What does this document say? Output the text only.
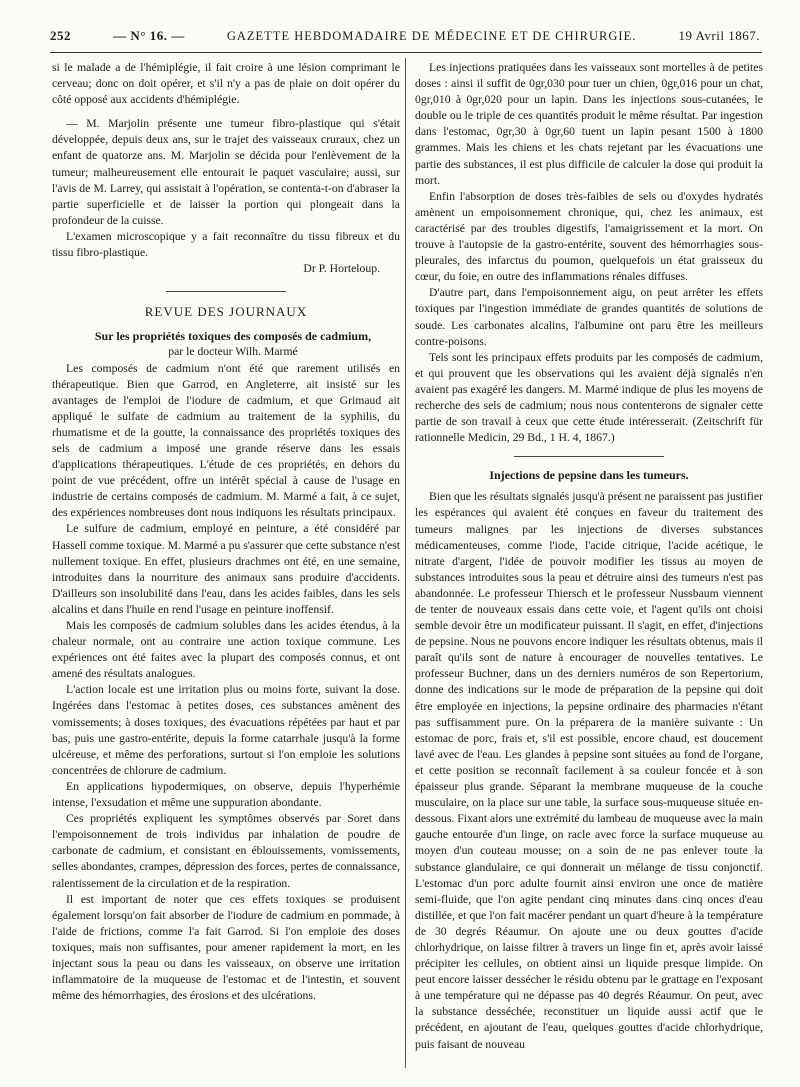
252	— N° 16. —	GAZETTE HEBDOMADAIRE DE MÉDECINE ET DE CHIRURGIE.	19 Avril 1867.

si le malade a de l'hémiplégie, il fait croire à une lésion comprimant le cerveau; donc on doit opérer, et s'il n'y a pas de plaie on doit opérer du côté opposé aux accidents d'hémiplégie.

— M. Marjolin présente une tumeur fibro-plastique qui s'était développée, depuis deux ans, sur le trajet des vaisseaux cruraux, chez un enfant de quatorze ans. M. Marjolin se décida pour l'enlèvement de la tumeur; malheureusement elle entourait le paquet vasculaire; aussi, sur l'avis de M. Larrey, qui assistait à l'opération, se contenta-t-on d'abraser la partie superficielle et de laisser la portion qui plongeait dans la profondeur de la cuisse.

L'examen microscopique y a fait reconnaître du tissu fibreux et du tissu fibro-plastique.

Dr P. Horteloup.

REVUE DES JOURNAUX

Sur les propriétés toxiques des composés de cadmium,

par le docteur Wilh. Marmé

Les composés de cadmium n'ont été que rarement utilisés en thérapeutique. Bien que Garrod, en Angleterre, ait insisté sur les avantages de l'emploi de l'iodure de cadmium, et que Grimaud ait appliqué le sulfate de cadmium au traitement de la syphilis, du rhumatisme et de la goutte, la connaissance des propriétés toxiques des sels de cadmium a imposé une grande réserve dans les essais d'applications thérapeutiques. L'étude de ces propriétés, en dehors du point de vue précédent, offre un intérêt spécial à cause de l'usage en industrie de certains composés de cadmium. M. Marmé a fait, à ce sujet, des expériences nombreuses dont nous indiquons les résultats principaux.

Le sulfure de cadmium, employé en peinture, a été considéré par Hassell comme toxique. M. Marmé a pu s'assurer que cette substance n'est nullement toxique. En effet, plusieurs drachmes ont été, en une semaine, introduites dans la nourriture des animaux sans produire d'accidents. D'ailleurs son insolubilité dans l'eau, dans les acides faibles, dans les sels alcalins et dans l'huile en rend l'usage en peinture inoffensif.

Mais les composés de cadmium solubles dans les acides étendus, à la chaleur normale, ont au contraire une action toxique commune. Les expériences ont été faites avec la plupart des composés connus, et ont amené des résultats analogues.

L'action locale est une irritation plus ou moins forte, suivant la dose. Ingérées dans l'estomac à petites doses, ces substances amènent des vomissements; à doses toxiques, des évacuations répétées par haut et par bas, puis une gastro-entérite, depuis la forme catarrhale jusqu'à la forme ulcéreuse, et même des perforations, surtout si l'on emploie les solutions concentrées de chlorure de cadmium.

En applications hypodermiques, on observe, depuis l'hyperhémie intense, l'exsudation et même une suppuration abondante.

Ces propriétés expliquent les symptômes observés par Soret dans l'empoisonnement de trois individus par inhalation de poudre de carbonate de cadmium, et consistant en éblouissements, vomissements, selles abondantes, crampes, dépression des forces, pertes de connaissance, ralentissement de la circulation et de la respiration.

Il est important de noter que ces effets toxiques se produisent également lorsqu'on fait absorber de l'iodure de cadmium en pommade, à l'aide de frictions, comme l'a fait Garrod. Si l'on emploie des doses toxiques, mais non suffisantes, pour amener rapidement la mort, en les injectant sous la peau ou dans les vaisseaux, on observe une irritation inflammatoire de la muqueuse de l'estomac et de l'intestin, et souvent même des hémorrhagies, des érosions et des ulcérations.

Les injections pratiquées dans les vaisseaux sont mortelles à de petites doses : ainsi il suffit de 0gr,030 pour tuer un chien, 0gr,016 pour un chat, 0gr,010 à 0gr,020 pour un lapin. Dans les injections sous-cutanées, le double ou le triple de ces quantités produit le même résultat. Par ingestion dans l'estomac, 0gr,30 à 0gr,60 tuent un lapin pesant 1500 à 1800 grammes. Mais les chiens et les chats rejetant par les évacuations une partie des substances, il est plus difficile de calculer la dose qui produit la mort.

Enfin l'absorption de doses très-faibles de sels ou d'oxydes hydratés amènent un empoisonnement chronique, qui, chez les animaux, est caractérisé par des troubles digestifs, l'amaigrissement et la mort. On trouve à l'autopsie de la gastro-entérite, souvent des hémorrhagies sous-pleurales, des infarctus du poumon, quelquefois un état graisseux du cœur, du foie, en outre des inflammations rénales diffuses.

D'autre part, dans l'empoisonnement aigu, on peut arrêter les effets toxiques par l'ingestion immédiate de grandes quantités de solutions de soude. Les carbonates alcalins, l'albumine ont paru être les meilleurs contre-poisons.

Tels sont les principaux effets produits par les composés de cadmium, et qui prouvent que les observations qui les avaient déjà signalés n'en avaient pas exagéré les dangers. M. Marmé indique de plus les moyens de recherche des sels de cadmium; nous nous contenterons de signaler cette partie de son travail à ceux que cette étude intéresserait. (Zeitschrift für rationnelle Medicin, 29 Bd., 1 H. 4, 1867.)

Injections de pepsine dans les tumeurs.

Bien que les résultats signalés jusqu'à présent ne paraissent pas justifier les espérances qui avaient été conçues en faveur du traitement des tumeurs malignes par les injections de diverses substances médicamenteuses, comme l'iode, l'acide citrique, l'acide acétique, le nitrate d'argent, l'idée de pouvoir modifier les tissus au moyen de substances introduites sous la peau et détruire ainsi des tumeurs n'est pas abandonnée. Le professeur Thiersch et le professeur Nussbaum viennent de tenter de nouveaux essais dans cette voie, et l'agent qu'ils ont choisi semble devoir être un modificateur puissant. Il s'agit, en effet, d'injections de pepsine. Nous ne pouvons encore indiquer les résultats obtenus, mais il paraît qu'ils sont de nature à encourager de nouvelles tentatives. Le professeur Buchner, dans un des derniers numéros de son Repertorium, donne des indications sur le mode de préparation de la pepsine qui doit être employée en injections, la pepsine ordinaire des pharmacies n'étant pas suffisamment pure. On la préparera de la manière suivante : Un estomac de porc, frais et, s'il est possible, encore chaud, est doucement lavé avec de l'eau. Les glandes à pepsine sont situées au fond de l'organe, et cette position se reconnaît facilement à sa couleur foncée et à son épaisseur plus grande. Séparant la membrane muqueuse de la couche musculaire, on la place sur une table, la surface sous-muqueuse située en-dessous. Fixant alors une extrémité du lambeau de muqueuse avec la main gauche entourée d'un linge, on racle avec force la surface muqueuse au moyen d'un couteau mousse; on a soin de ne pas enlever toute la substance glandulaire, ce qui donnerait un mélange de tissu conjonctif. L'estomac d'un porc adulte fournit ainsi environ une once de matière semi-fluide, que l'on agite pendant cinq minutes dans cinq onces d'eau distillée, et que l'on fait macérer pendant un quart d'heure à la température de 30 degrés Réaumur. On ajoute une ou deux gouttes d'acide chlorhydrique, on laisse filtrer à travers un linge fin et, après avoir laissé précipiter les cellules, on obtient ainsi un liquide presque limpide. On peut encore laisser dessécher le résidu obtenu par le grattage en l'exposant à une température qui ne dépasse pas 40 degrés Réaumur. On peut, avec la substance desséchée, reconstituer un liquide aussi actif que le précédent, en ajoutant de l'eau, quelques gouttes d'acide chlorhydrique, puis faisant de nouveau
